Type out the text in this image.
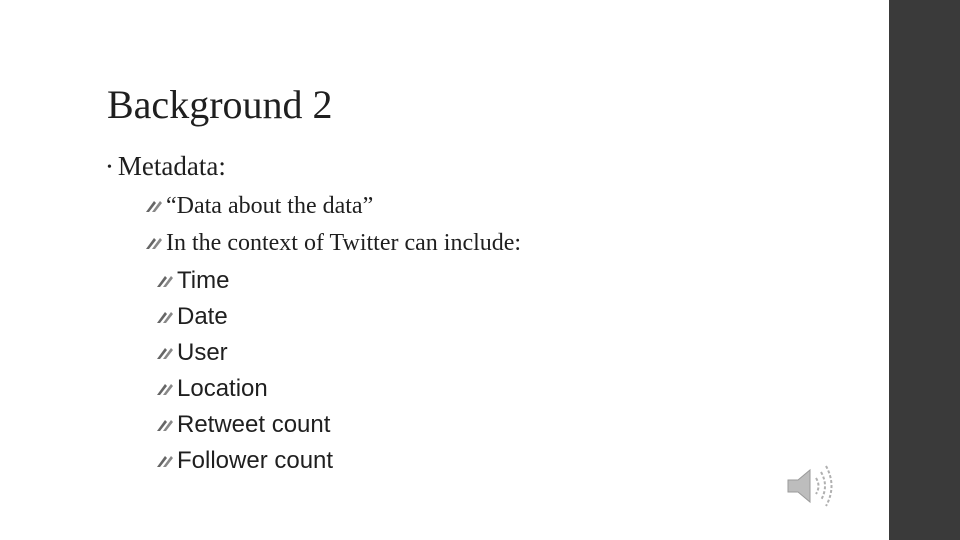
Background 2
• Metadata:
“Data about the data”
In the context of Twitter can include:
Time
Date
User
Location
Retweet count
Follower count
